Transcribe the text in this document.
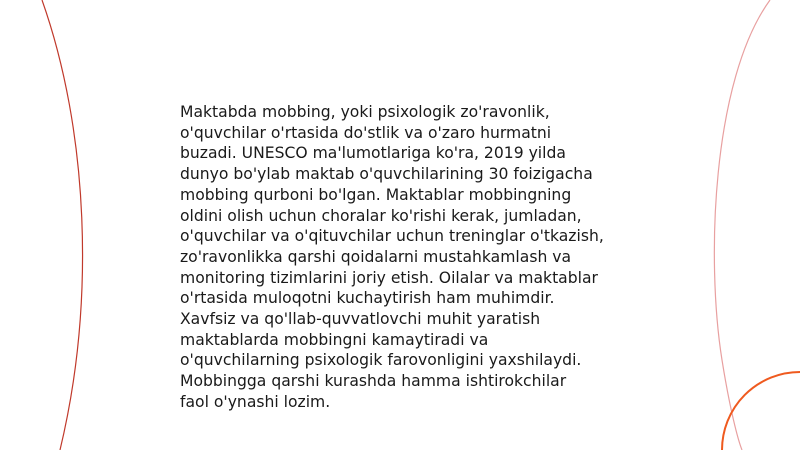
Maktabda mobbing, yoki psixologik zo'ravonlik,
o'quvchilar o'rtasida do'stlik va o'zaro hurmatni
buzadi. UNESCO ma'lumotlariga ko'ra, 2019 yilda
dunyo bo'ylab maktab o'quvchilarining 30 foizigacha
mobbing qurboni bo'lgan. Maktablar mobbingning
oldini olish uchun choralar ko'rishi kerak, jumladan,
o'quvchilar va o'qituvchilar uchun treninglar o'tkazish,
zo'ravonlikka qarshi qoidalarni mustahkamlash va
monitoring tizimlarini joriy etish. Oilalar va maktablar
o'rtasida muloqotni kuchaytirish ham muhimdir.
Xavfsiz va qo'llab-quvvatlovchi muhit yaratish
maktablarda mobbingni kamaytiradi va
o'quvchilarning psixologik farovonligini yaxshilaydi.
Mobbingga qarshi kurashda hamma ishtirokchilar
faol o'ynashi lozim.
